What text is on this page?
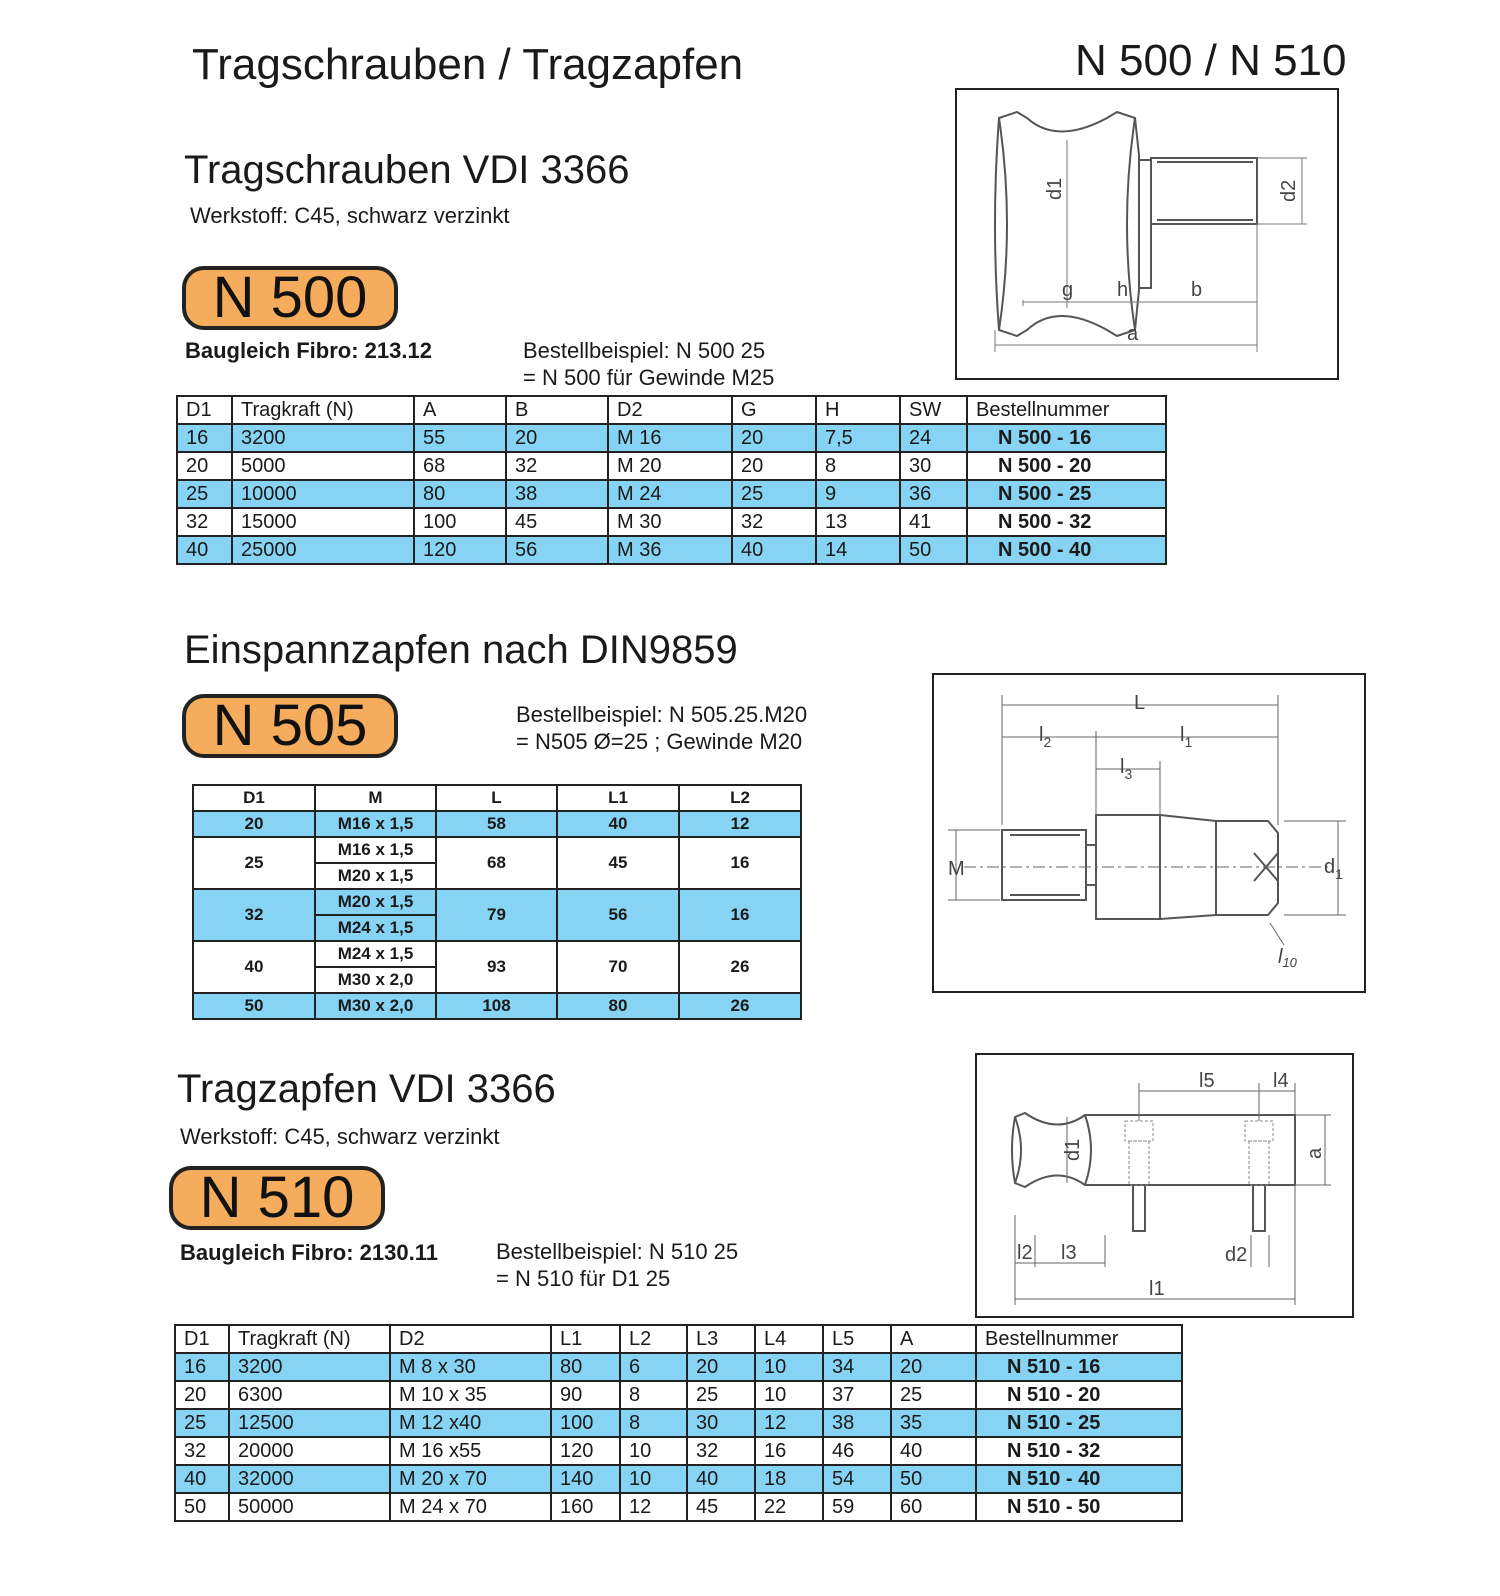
Tragschrauben / Tragzapfen	N 500 / N 510
Tragschrauben VDI 3366
Werkstoff: C45, schwarz verzinkt
N 500
Baugleich Fibro: 213.12	Bestellbeispiel: N 500 25
= N 500 für Gewinde M25
d1	d2
g h	b
a
D1	Tragkraft (N)	A	B	D2	G	H	SW	Bestellnummer
16	3200	55	20	M 16	20	7,5	24	N 500 - 16
20	5000	68	32	M 20	20	8	30	N 500 - 20
25	10000	80	38	M 24	25	9	36	N 500 - 25
32	15000	100	45	M 30	32	13	41	N 500 - 32
40	25000	120	56	M 36	40	14	50	N 500 - 40
Einspannzapfen nach DIN9859
N 505	Bestellbeispiel: N 505.25.M20
= N505 Ø=25 ; Gewinde M20
L
$l_2$	$l_1$
$l_3$
M	$d_1$
$l_{10}$
D1	M	L	L1	L2
20	M16 x 1,5	58	40	12
25	M16 x 1,5	68	45	16
	M20 x 1,5			
32	M20 x 1,5	79	56	16
	M24 x 1,5			
40	M24 x 1,5	93	70	26
	M30 x 2,0			
50	M30 x 2,0	108	80	26
Tragzapfen VDI 3366
Werkstoff: C45, schwarz verzinkt
N 510
Baugleich Fibro: 2130.11	Bestellbeispiel: N 510 25
= N 510 für D1 25
l5	l4
d1	a
l2 l3	d2
l1
D1	Tragkraft (N)	D2	L1	L2	L3	L4	L5	A	Bestellnummer
16	3200	M 8 x 30	80	6	20	10	34	20	N 510 - 16
20	6300	M 10 x 35	90	8	25	10	37	25	N 510 - 20
25	12500	M 12 x40	100	8	30	12	38	35	N 510 - 25
32	20000	M 16 x55	120	10	32	16	46	40	N 510 - 32
40	32000	M 20 x 70	140	10	40	18	54	50	N 510 - 40
50	50000	M 24 x 70	160	12	45	22	59	60	N 510 - 50
